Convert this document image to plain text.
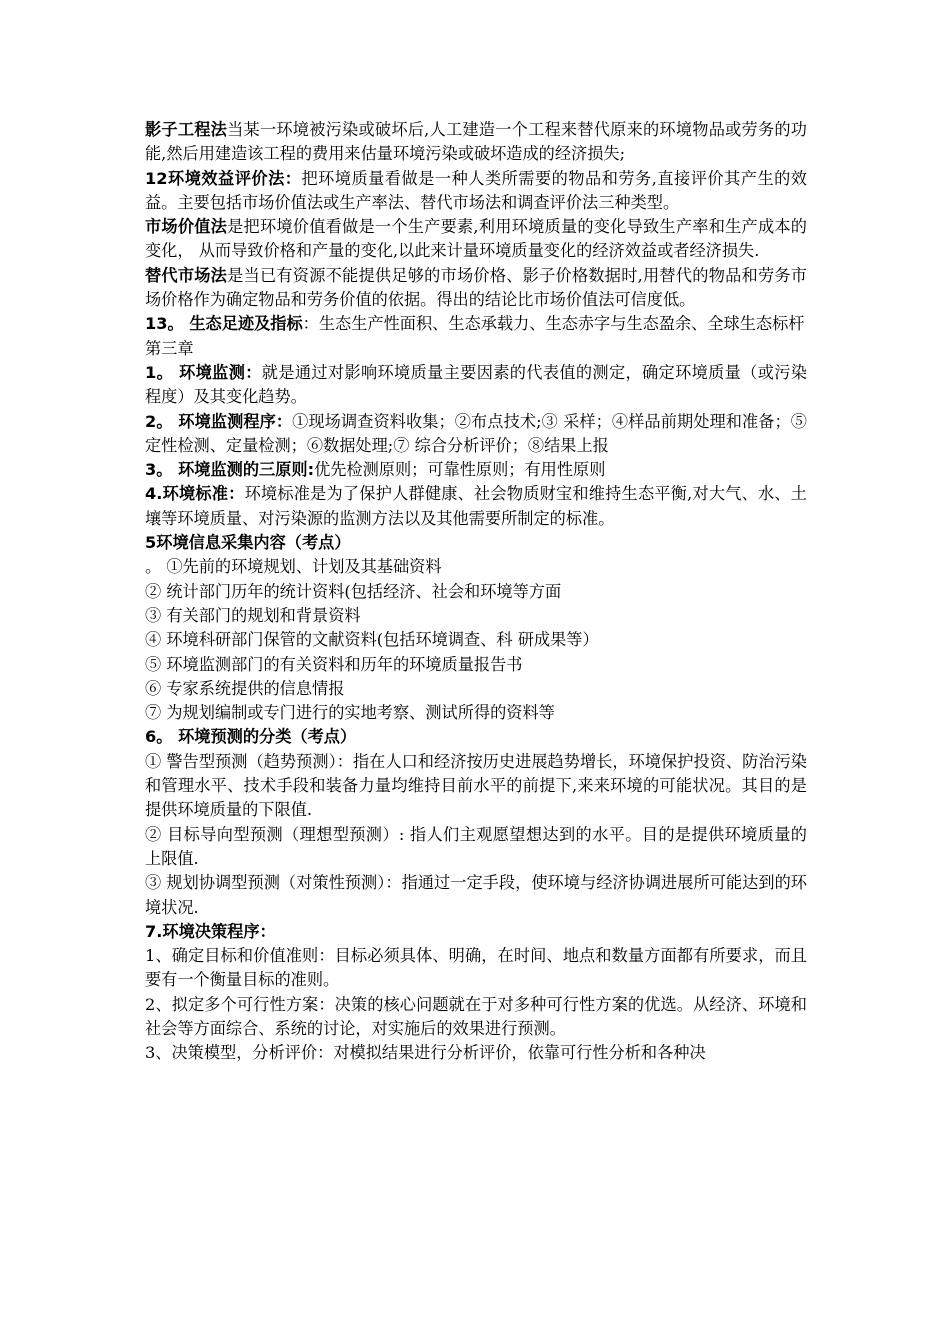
影子工程法当某一环境被污染或破坏后,人工建造一个工程来替代原来的环境物品或劳务的功能,然后用建造该工程的费用来估量环境污染或破坏造成的经济损失;

12环境效益评价法：把环境质量看做是一种人类所需要的物品和劳务,直接评价其产生的效益。主要包括市场价值法或生产率法、替代市场法和调查评价法三种类型。

市场价值法是把环境价值看做是一个生产要素,利用环境质量的变化导致生产率和生产成本的变化， 从而导致价格和产量的变化,以此来计量环境质量变化的经济效益或者经济损失.

替代市场法是当已有资源不能提供足够的市场价格、影子价格数据时,用替代的物品和劳务市场价格作为确定物品和劳务价值的依据。得出的结论比市场价值法可信度低。

13。 生态足迹及指标：生态生产性面积、生态承载力、生态赤字与生态盈余、全球生态标杆

第三章

1。 环境监测：就是通过对影响环境质量主要因素的代表值的测定，确定环境质量（或污染程度）及其变化趋势。

2。 环境监测程序：①现场调查资料收集；②布点技术;③ 采样；④样品前期处理和准备；⑤定性检测、定量检测；⑥数据处理;⑦ 综合分析评价；⑧结果上报

3。 环境监测的三原则:优先检测原则；可靠性原则；有用性原则

4.环境标准：环境标准是为了保护人群健康、社会物质财宝和维持生态平衡,对大气、水、土壤等环境质量、对污染源的监测方法以及其他需要所制定的标准。

5环境信息采集内容（考点）

。 ①先前的环境规划、计划及其基础资料

② 统计部门历年的统计资料(包括经济、社会和环境等方面

③ 有关部门的规划和背景资料

④ 环境科研部门保管的文献资料(包括环境调查、科 研成果等）

⑤ 环境监测部门的有关资料和历年的环境质量报告书

⑥ 专家系统提供的信息情报

⑦ 为规划编制或专门进行的实地考察、测试所得的资料等

6。 环境预测的分类（考点）

① 警告型预测（趋势预测）：指在人口和经济按历史进展趋势增长，环境保护投资、防治污染和管理水平、技术手段和装备力量均维持目前水平的前提下,来来环境的可能状况。其目的是提供环境质量的下限值.

② 目标导向型预测（理想型预测）: 指人们主观愿望想达到的水平。目的是提供环境质量的上限值.

③ 规划协调型预测（对策性预测）：指通过一定手段，使环境与经济协调进展所可能达到的环境状况.

7.环境决策程序：

1、确定目标和价值准则：目标必须具体、明确，在时间、地点和数量方面都有所要求，而且要有一个衡量目标的准则。

2、拟定多个可行性方案：决策的核心问题就在于对多种可行性方案的优选。从经济、环境和社会等方面综合、系统的讨论，对实施后的效果进行预测。

3、决策模型，分析评价：对模拟结果进行分析评价，依靠可行性分析和各种决
